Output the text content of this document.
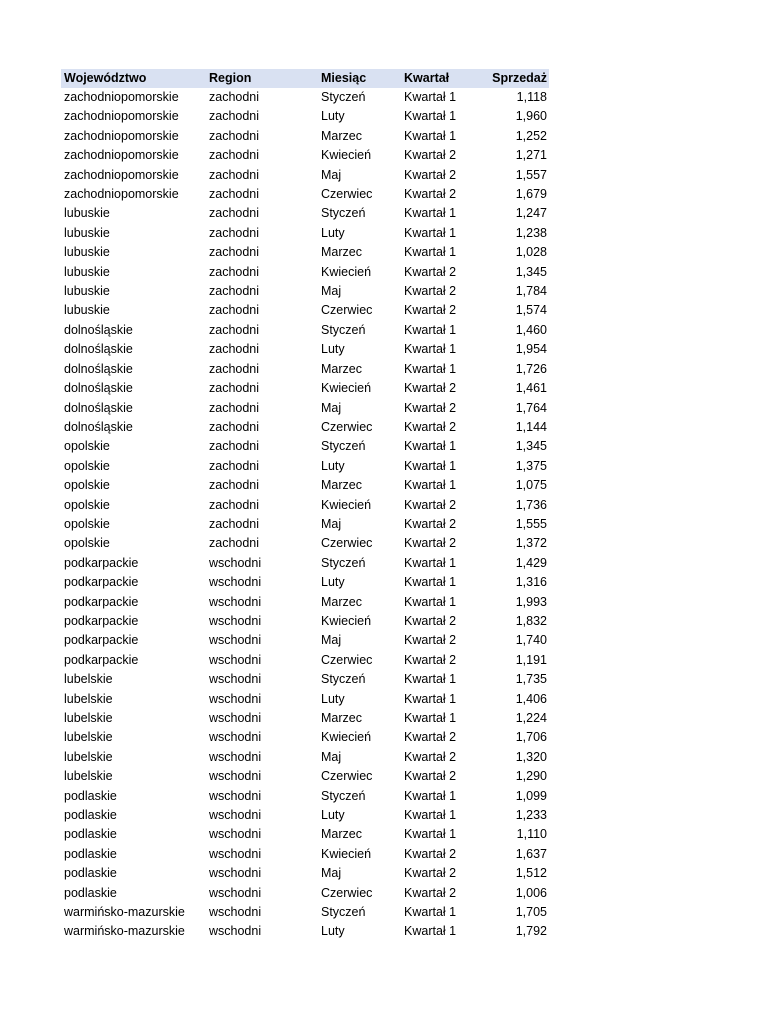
Województwo	Region	Miesiąc	Kwartał	Sprzedaż
zachodniopomorskie	zachodni	Styczeń	Kwartał 1	1,118
zachodniopomorskie	zachodni	Luty	Kwartał 1	1,960
zachodniopomorskie	zachodni	Marzec	Kwartał 1	1,252
zachodniopomorskie	zachodni	Kwiecień	Kwartał 2	1,271
zachodniopomorskie	zachodni	Maj	Kwartał 2	1,557
zachodniopomorskie	zachodni	Czerwiec	Kwartał 2	1,679
lubuskie	zachodni	Styczeń	Kwartał 1	1,247
lubuskie	zachodni	Luty	Kwartał 1	1,238
lubuskie	zachodni	Marzec	Kwartał 1	1,028
lubuskie	zachodni	Kwiecień	Kwartał 2	1,345
lubuskie	zachodni	Maj	Kwartał 2	1,784
lubuskie	zachodni	Czerwiec	Kwartał 2	1,574
dolnośląskie	zachodni	Styczeń	Kwartał 1	1,460
dolnośląskie	zachodni	Luty	Kwartał 1	1,954
dolnośląskie	zachodni	Marzec	Kwartał 1	1,726
dolnośląskie	zachodni	Kwiecień	Kwartał 2	1,461
dolnośląskie	zachodni	Maj	Kwartał 2	1,764
dolnośląskie	zachodni	Czerwiec	Kwartał 2	1,144
opolskie	zachodni	Styczeń	Kwartał 1	1,345
opolskie	zachodni	Luty	Kwartał 1	1,375
opolskie	zachodni	Marzec	Kwartał 1	1,075
opolskie	zachodni	Kwiecień	Kwartał 2	1,736
opolskie	zachodni	Maj	Kwartał 2	1,555
opolskie	zachodni	Czerwiec	Kwartał 2	1,372
podkarpackie	wschodni	Styczeń	Kwartał 1	1,429
podkarpackie	wschodni	Luty	Kwartał 1	1,316
podkarpackie	wschodni	Marzec	Kwartał 1	1,993
podkarpackie	wschodni	Kwiecień	Kwartał 2	1,832
podkarpackie	wschodni	Maj	Kwartał 2	1,740
podkarpackie	wschodni	Czerwiec	Kwartał 2	1,191
lubelskie	wschodni	Styczeń	Kwartał 1	1,735
lubelskie	wschodni	Luty	Kwartał 1	1,406
lubelskie	wschodni	Marzec	Kwartał 1	1,224
lubelskie	wschodni	Kwiecień	Kwartał 2	1,706
lubelskie	wschodni	Maj	Kwartał 2	1,320
lubelskie	wschodni	Czerwiec	Kwartał 2	1,290
podlaskie	wschodni	Styczeń	Kwartał 1	1,099
podlaskie	wschodni	Luty	Kwartał 1	1,233
podlaskie	wschodni	Marzec	Kwartał 1	1,110
podlaskie	wschodni	Kwiecień	Kwartał 2	1,637
podlaskie	wschodni	Maj	Kwartał 2	1,512
podlaskie	wschodni	Czerwiec	Kwartał 2	1,006
warmińsko-mazurskie	wschodni	Styczeń	Kwartał 1	1,705
warmińsko-mazurskie	wschodni	Luty	Kwartał 1	1,792
